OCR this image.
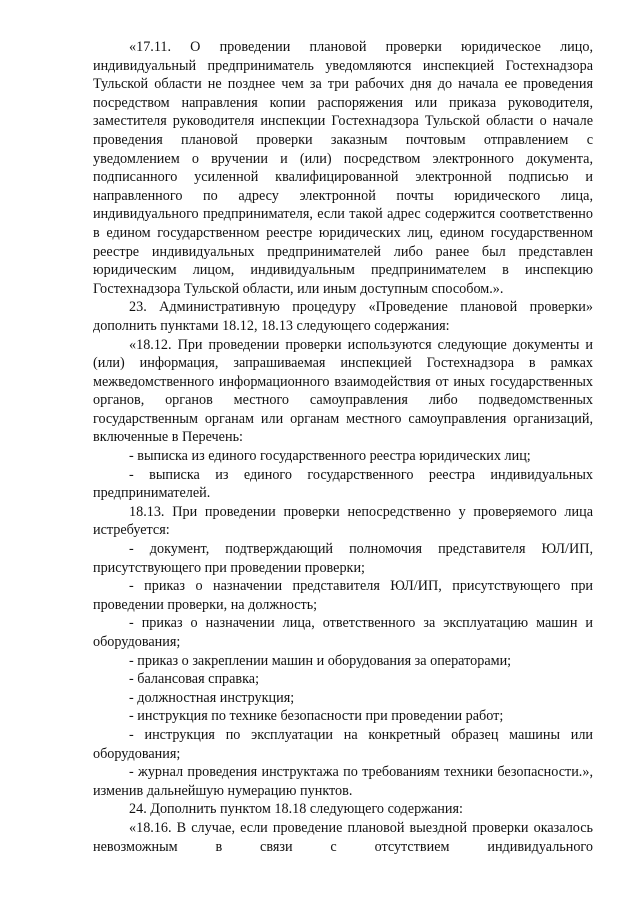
«17.11. О проведении плановой проверки юридическое лицо, индивидуальный предприниматель уведомляются инспекцией Гостехнадзора Тульской области не позднее чем за три рабочих дня до начала ее проведения посредством направления копии распоряжения или приказа руководителя, заместителя руководителя инспекции Гостехнадзора Тульской области о начале проведения плановой проверки заказным почтовым отправлением с уведомлением о вручении и (или) посредством электронного документа, подписанного усиленной квалифицированной электронной подписью и направленного по адресу электронной почты юридического лица, индивидуального предпринимателя, если такой адрес содержится соответственно в едином государственном реестре юридических лиц, едином государственном реестре индивидуальных предпринимателей либо ранее был представлен юридическим лицом, индивидуальным предпринимателем в инспекцию Гостехнадзора Тульской области, или иным доступным способом.».

23. Административную процедуру «Проведение плановой проверки» дополнить пунктами 18.12, 18.13 следующего содержания:

«18.12. При проведении проверки используются следующие документы и (или) информация, запрашиваемая инспекцией Гостехнадзора в рамках межведомственного информационного взаимодействия от иных государственных органов, органов местного самоуправления либо подведомственных государственным органам или органам местного самоуправления организаций, включенные в Перечень:

- выписка из единого государственного реестра юридических лиц;

- выписка из единого государственного реестра индивидуальных предпринимателей.

18.13. При проведении проверки непосредственно у проверяемого лица истребуется:

- документ, подтверждающий полномочия представителя ЮЛ/ИП, присутствующего при проведении проверки;

- приказ о назначении представителя ЮЛ/ИП, присутствующего при проведении проверки, на должность;

- приказ о назначении лица, ответственного за эксплуатацию машин и оборудования;

- приказ о закреплении машин и оборудования за операторами;

- балансовая справка;

- должностная инструкция;

- инструкция по технике безопасности при проведении работ;

- инструкция по эксплуатации на конкретный образец машины или оборудования;

- журнал проведения инструктажа по требованиям техники безопасности.», изменив дальнейшую нумерацию пунктов.

24. Дополнить пунктом 18.18 следующего содержания:

«18.16. В случае, если проведение плановой выездной проверки оказалось невозможным в связи с отсутствием индивидуального
